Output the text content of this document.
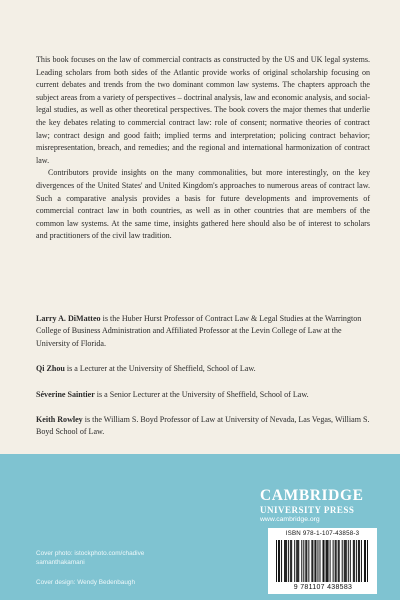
This book focuses on the law of commercial contracts as constructed by the US and UK legal systems. Leading scholars from both sides of the Atlantic provide works of original scholarship focusing on current debates and trends from the two dominant common law systems. The chapters approach the subject areas from a variety of perspectives – doctrinal analysis, law and economic analysis, and social-legal studies, as well as other theoretical perspectives. The book covers the major themes that underlie the key debates relating to commercial contract law: role of consent; normative theories of contract law; contract design and good faith; implied terms and interpretation; policing contract behavior; misrepresentation, breach, and remedies; and the regional and international harmonization of contract law.

Contributors provide insights on the many commonalities, but more interestingly, on the key divergences of the United States' and United Kingdom's approaches to numerous areas of contract law. Such a comparative analysis provides a basis for future developments and improvements of commercial contract law in both countries, as well as in other countries that are members of the common law systems. At the same time, insights gathered here should also be of interest to scholars and practitioners of the civil law tradition.

Larry A. DiMatteo is the Huber Hurst Professor of Contract Law & Legal Studies at the Warrington College of Business Administration and Affiliated Professor at the Levin College of Law at the University of Florida.

Qi Zhou is a Lecturer at the University of Sheffield, School of Law.

Séverine Saintier is a Senior Lecturer at the University of Sheffield, School of Law.

Keith Rowley is the William S. Boyd Professor of Law at University of Nevada, Las Vegas, William S. Boyd School of Law.

CAMBRIDGE
UNIVERSITY PRESS
www.cambridge.org
Cover photo: istockphoto.com/chadive samanthakamani
Cover design: Wendy Bedenbaugh
ISBN 978-1-107-43858-3
9 781107 438583
